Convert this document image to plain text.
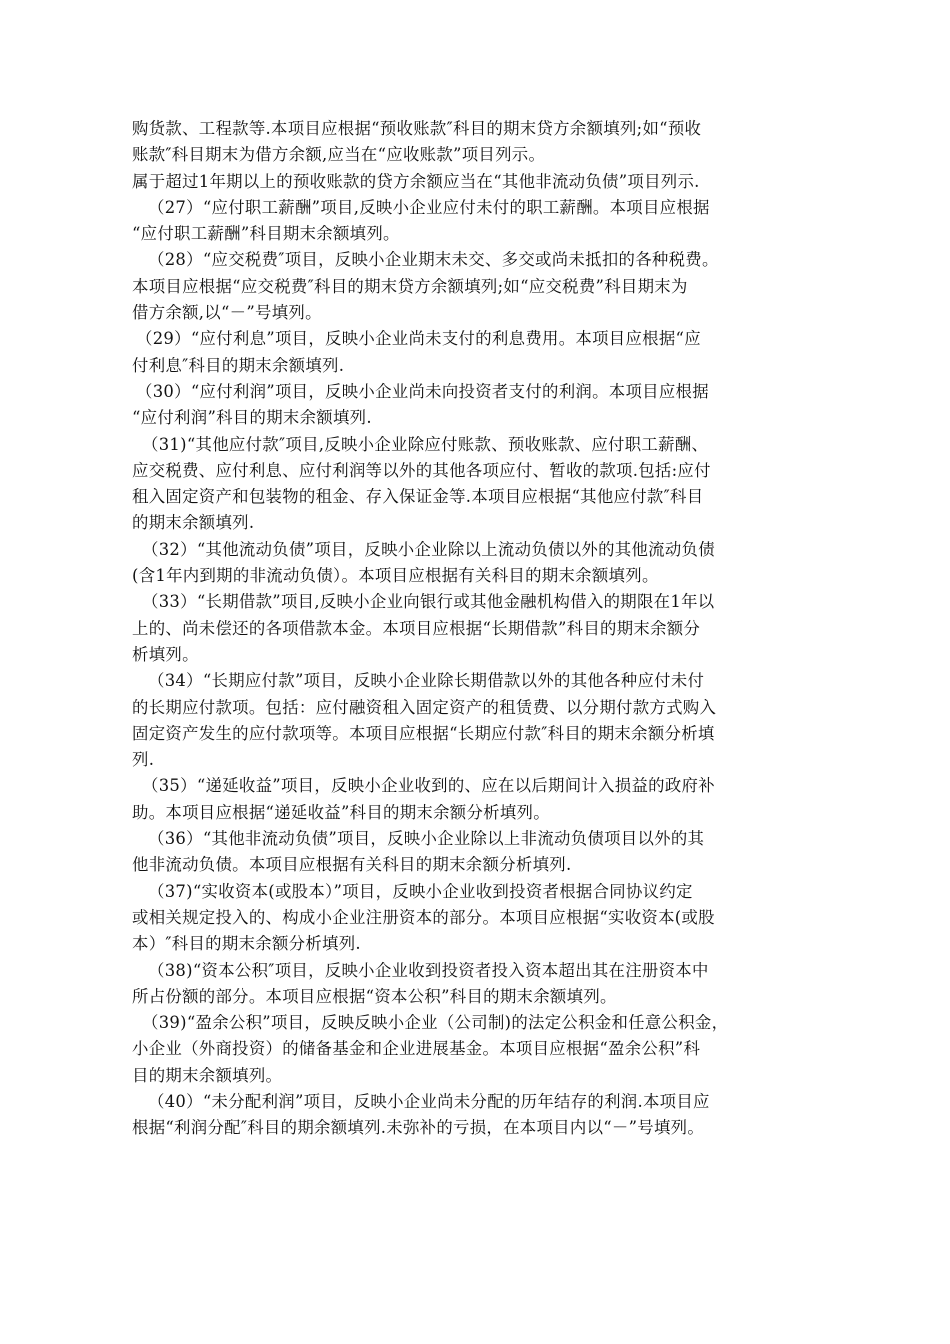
购货款、工程款等.本项目应根据“预收账款″科目的期末贷方余额填列;如“预收
账款″科目期末为借方余额,应当在“应收账款”项目列示。
属于超过1年期以上的预收账款的贷方余额应当在“其他非流动负债”项目列示.
（27）“应付职工薪酬”项目,反映小企业应付未付的职工薪酬。本项目应根据
“应付职工薪酬”科目期末余额填列。
（28）“应交税费″项目，反映小企业期末未交、多交或尚未抵扣的各种税费。
本项目应根据“应交税费″科目的期末贷方余额填列;如“应交税费”科目期末为
借方余额,以“－”号填列。
（29）“应付利息”项目，反映小企业尚未支付的利息费用。本项目应根据“应
付利息″科目的期末余额填列.
（30）“应付利润”项目，反映小企业尚未向投资者支付的利润。本项目应根据
“应付利润”科目的期末余额填列.
（31)“其他应付款″项目,反映小企业除应付账款、预收账款、应付职工薪酬、
应交税费、应付利息、应付利润等以外的其他各项应付、暂收的款项.包括:应付
租入固定资产和包装物的租金、存入保证金等.本项目应根据“其他应付款″科目
的期末余额填列.
（32）“其他流动负债”项目，反映小企业除以上流动负债以外的其他流动负债
(含1年内到期的非流动负债）。本项目应根据有关科目的期末余额填列。
（33）“长期借款”项目,反映小企业向银行或其他金融机构借入的期限在1年以
上的、尚未偿还的各项借款本金。本项目应根据“长期借款”科目的期末余额分
析填列。
（34）“长期应付款”项目，反映小企业除长期借款以外的其他各种应付未付
的长期应付款项。包括：应付融资租入固定资产的租赁费、以分期付款方式购入
固定资产发生的应付款项等。本项目应根据“长期应付款″科目的期末余额分析填
列.
（35）“递延收益”项目，反映小企业收到的、应在以后期间计入损益的政府补
助。本项目应根据“递延收益”科目的期末余额分析填列。
（36）“其他非流动负债”项目，反映小企业除以上非流动负债项目以外的其
他非流动负债。本项目应根据有关科目的期末余额分析填列.
（37)“实收资本(或股本）”项目，反映小企业收到投资者根据合同协议约定
或相关规定投入的、构成小企业注册资本的部分。本项目应根据“实收资本(或股
本）″科目的期末余额分析填列.
（38)“资本公积″项目，反映小企业收到投资者投入资本超出其在注册资本中
所占份额的部分。本项目应根据“资本公积”科目的期末余额填列。
（39)“盈余公积”项目，反映反映小企业（公司制)的法定公积金和任意公积金，
小企业（外商投资）的储备基金和企业进展基金。本项目应根据“盈余公积”科
目的期末余额填列。
（40）“未分配利润”项目，反映小企业尚未分配的历年结存的利润.本项目应
根据“利润分配″科目的期余额填列.未弥补的亏损，在本项目内以“－”号填列。
